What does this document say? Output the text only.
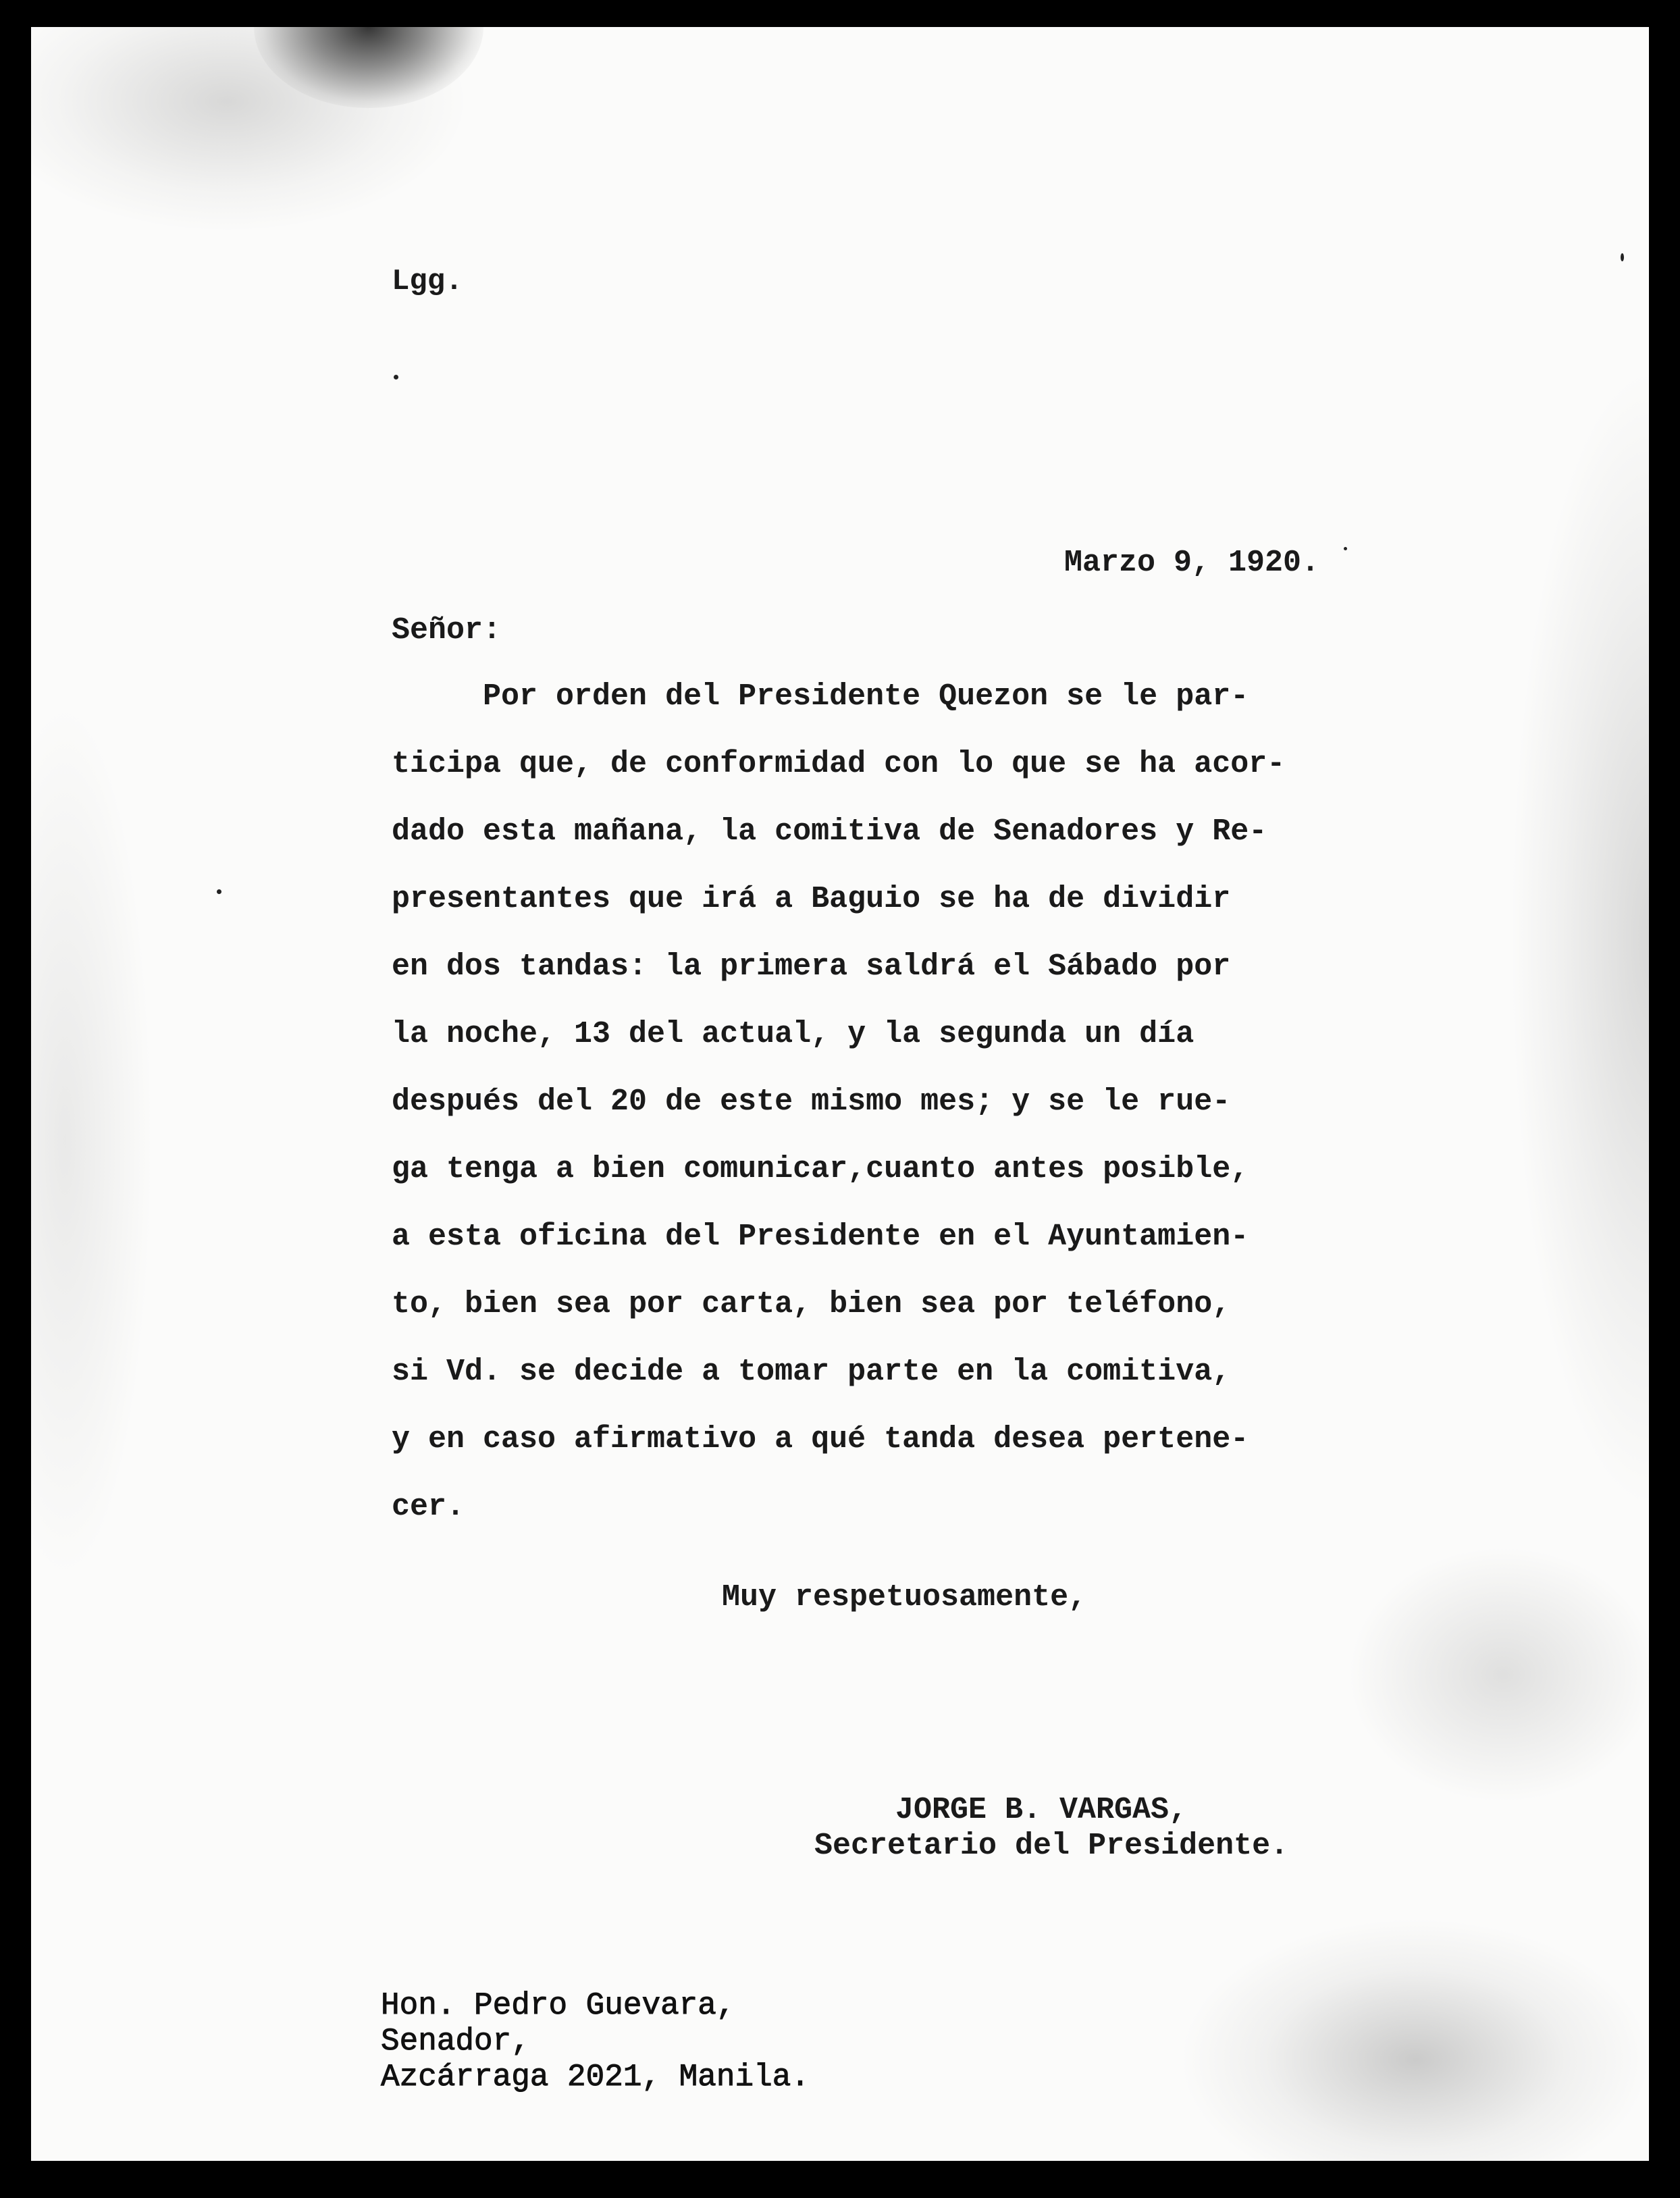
Lgg.

Marzo 9, 1920.

Señor:

Por orden del Presidente Quezon se le par-

ticipa que, de conformidad con lo que se ha acor-

dado esta mañana, la comitiva de Senadores y Re-

presentantes que irá a Baguio se ha de dividir

en dos tandas: la primera saldrá el Sábado por

la noche, 13 del actual, y la segunda un día

después del 20 de este mismo mes; y se le rue-

ga tenga a bien comunicar,cuanto antes posible,

a esta oficina del Presidente en el Ayuntamien-

to, bien sea por carta, bien sea por teléfono,

si Vd. se decide a tomar parte en la comitiva,

y en caso afirmativo a qué tanda desea pertene-

cer.

Muy respetuosamente,

JORGE B. VARGAS,

Secretario del Presidente.

Hon. Pedro Guevara,

Senador,

Azcárraga 2021, Manila.
